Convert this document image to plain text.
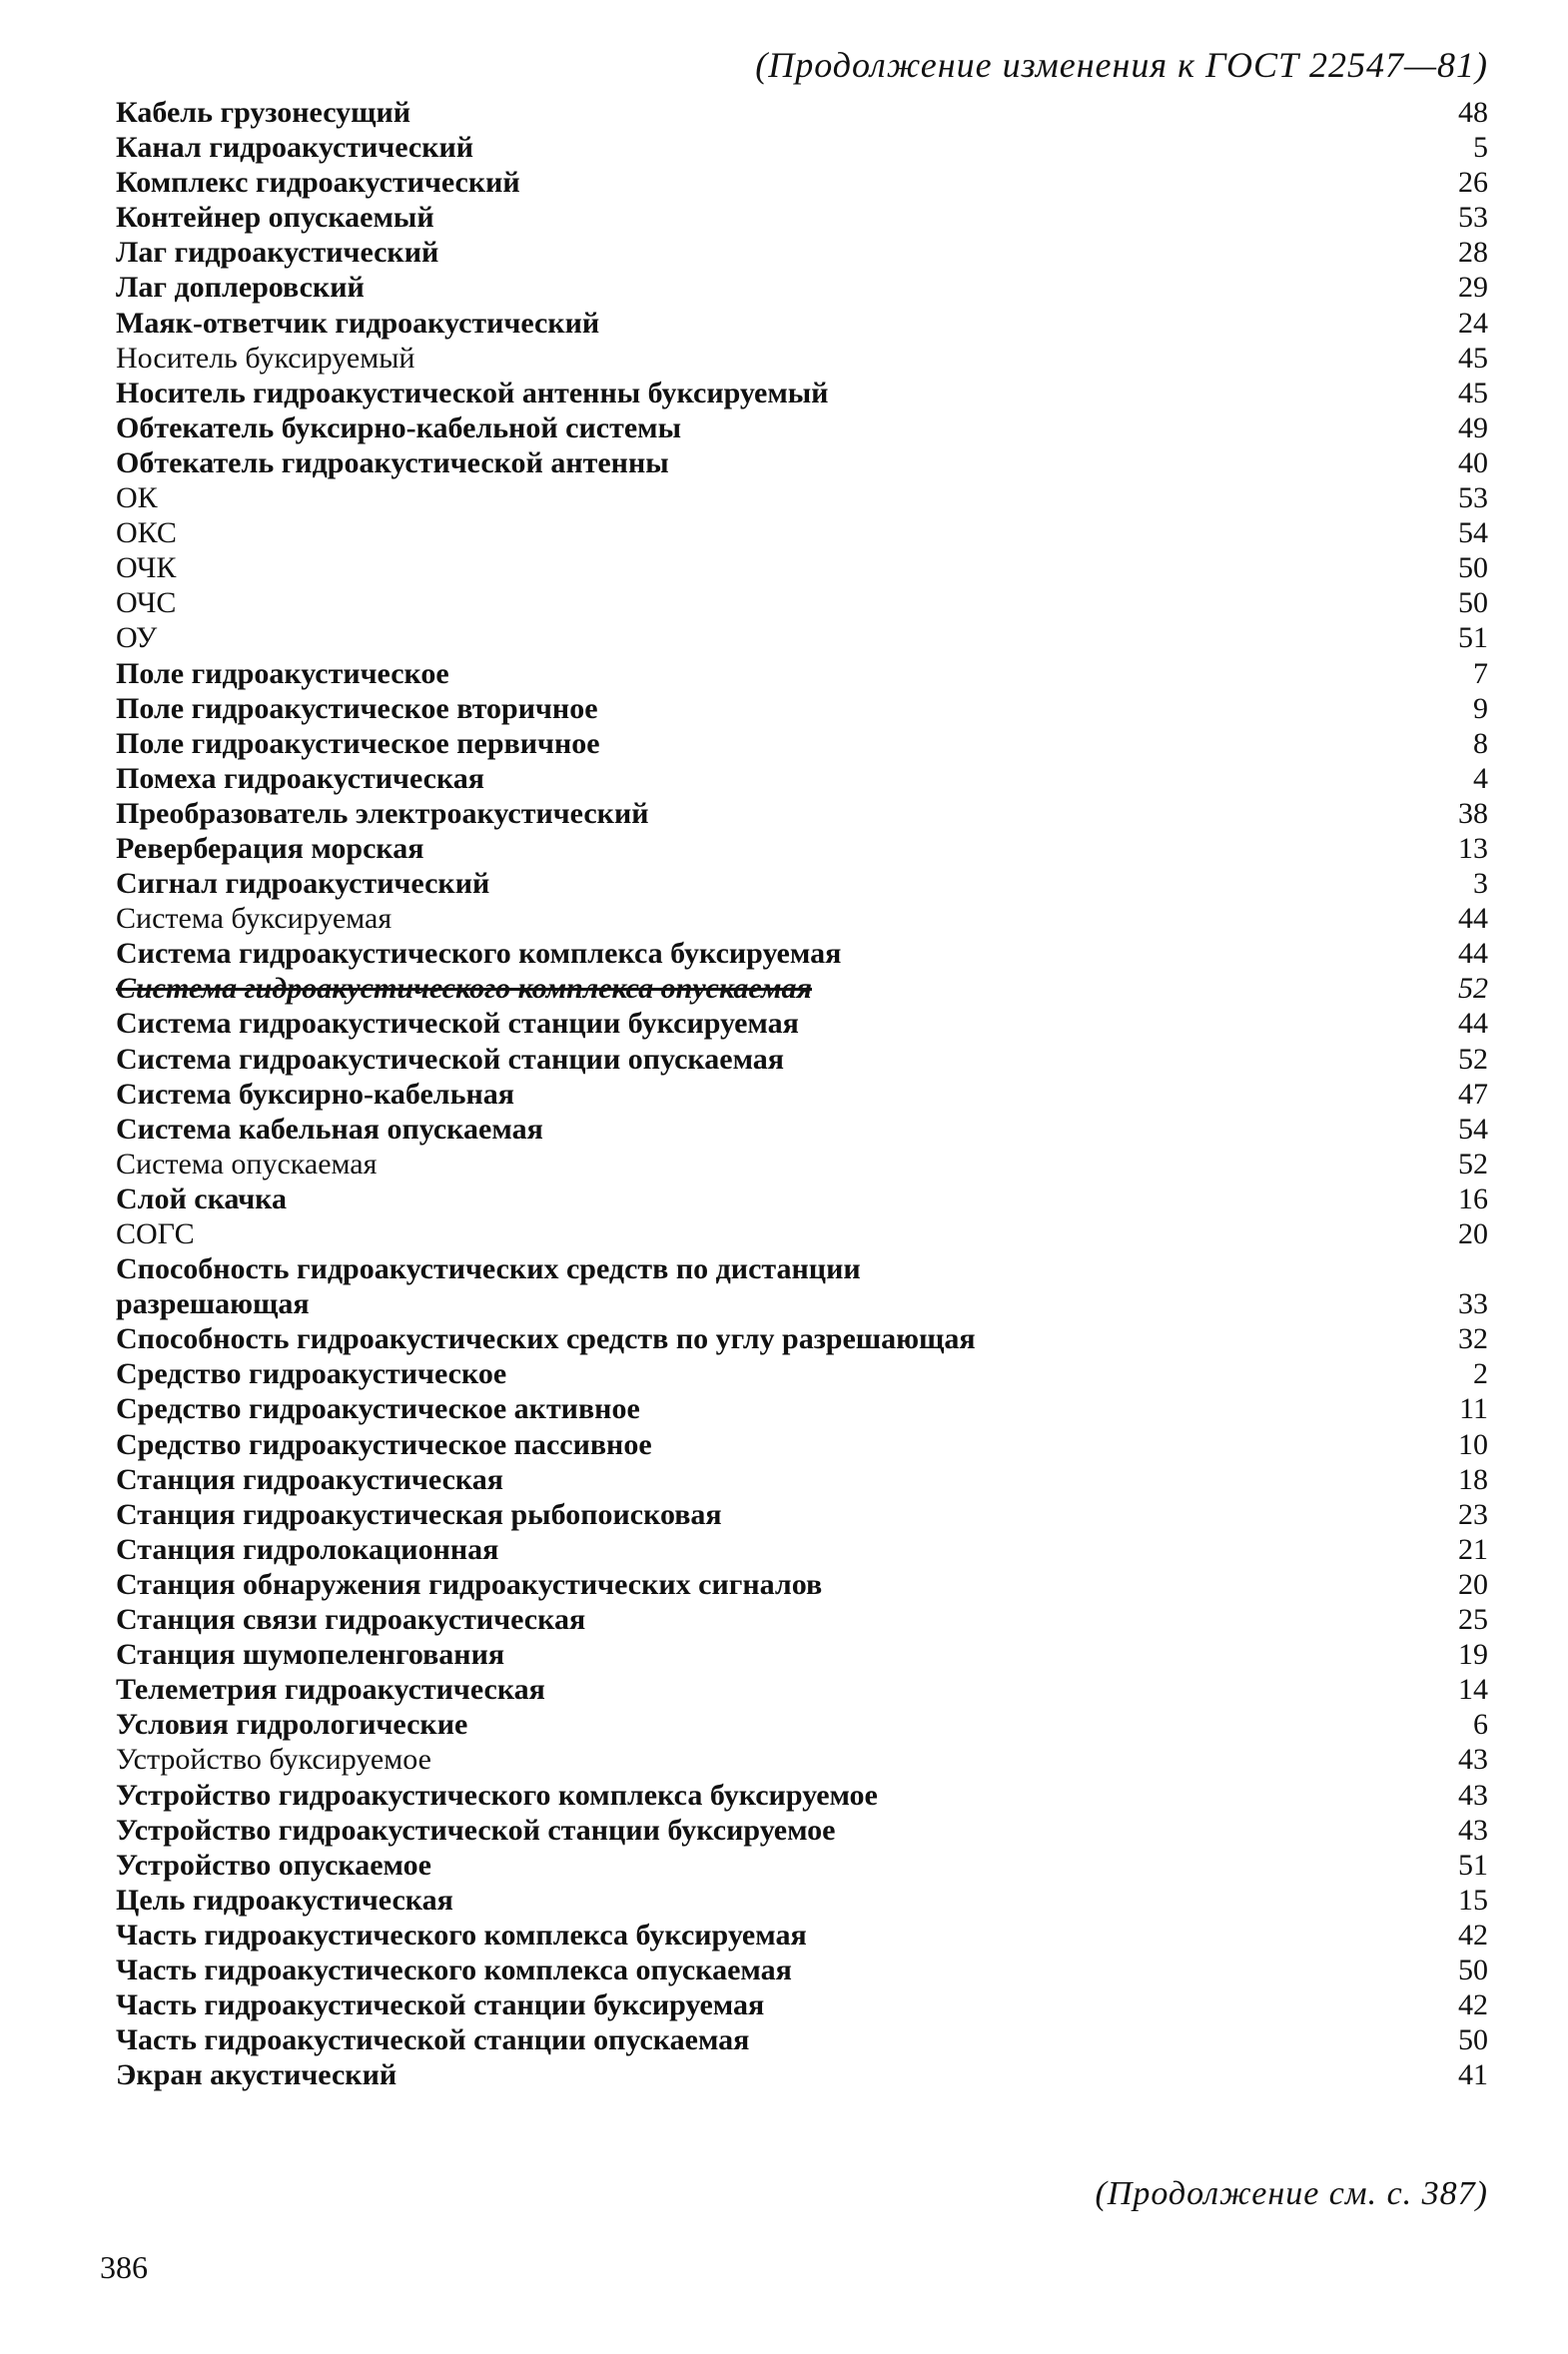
(Продолжение изменения к ГОСТ 22547—81)
Кабель грузонесущий	48
Канал гидроакустический	5
Комплекс гидроакустический	26
Контейнер опускаемый	53
Лаг гидроакустический	28
Лаг доплеровский	29
Маяк-ответчик гидроакустический	24
Носитель буксируемый	45
Носитель гидроакустической антенны буксируемый	45
Обтекатель буксирно-кабельной системы	49
Обтекатель гидроакустической антенны	40
ОК	53
ОКС	54
ОЧК	50
ОЧС	50
ОУ	51
Поле гидроакустическое	7
Поле гидроакустическое вторичное	9
Поле гидроакустическое первичное	8
Помеха гидроакустическая	4
Преобразователь электроакустический	38
Реверберация морская	13
Сигнал гидроакустический	3
Система буксируемая	44
Система гидроакустического комплекса буксируемая	44
Система гидроакустического комплекса опускаемая	52
Система гидроакустической станции буксируемая	44
Система гидроакустической станции опускаемая	52
Система буксирно-кабельная	47
Система кабельная опускаемая	54
Система опускаемая	52
Слой скачка	16
СОГС	20
Способность гидроакустических средств по дистанции
разрешающая	33
Способность гидроакустических средств по углу разрешающая	32
Средство гидроакустическое	2
Средство гидроакустическое активное	11
Средство гидроакустическое пассивное	10
Станция гидроакустическая	18
Станция гидроакустическая рыбопоисковая	23
Станция гидролокационная	21
Станция обнаружения гидроакустических сигналов	20
Станция связи гидроакустическая	25
Станция шумопеленгования	19
Телеметрия гидроакустическая	14
Условия гидрологические	6
Устройство буксируемое	43
Устройство гидроакустического комплекса буксируемое	43
Устройство гидроакустической станции буксируемое	43
Устройство опускаемое	51
Цель гидроакустическая	15
Часть гидроакустического комплекса буксируемая	42
Часть гидроакустического комплекса опускаемая	50
Часть гидроакустической станции буксируемая	42
Часть гидроакустической станции опускаемая	50
Экран акустический	41
(Продолжение см. с. 387)
386
